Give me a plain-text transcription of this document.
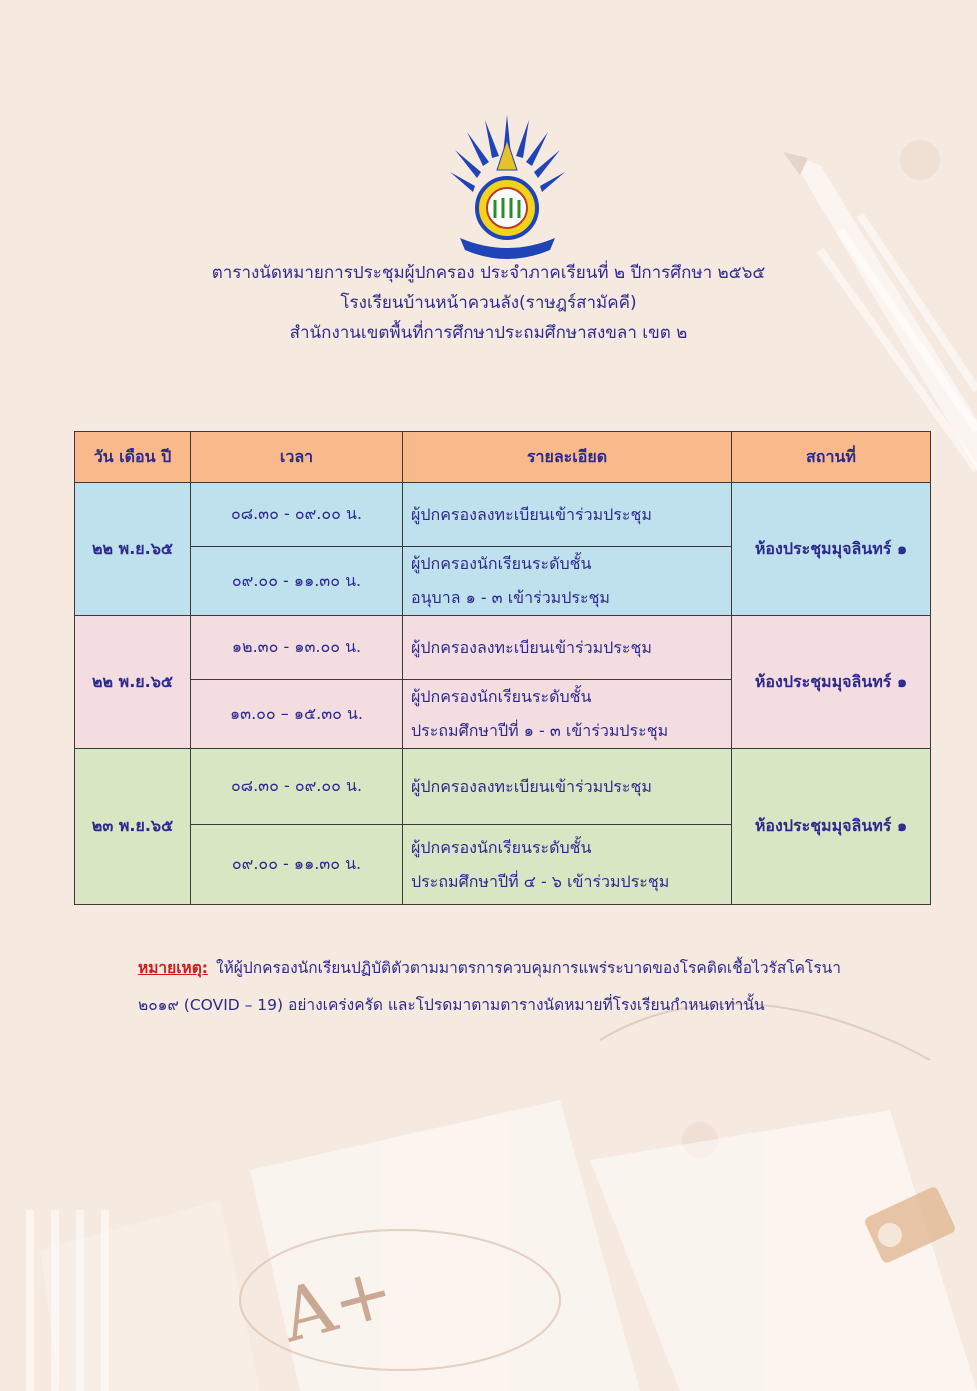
A+
ตารางนัดหมายการประชุมผู้ปกครอง ประจำภาคเรียนที่ ๒ ปีการศึกษา ๒๕๖๕
โรงเรียนบ้านหน้าควนลัง(ราษฎร์สามัคคี)
สำนักงานเขตพื้นที่การศึกษาประถมศึกษาสงขลา เขต ๒
วัน เดือน ปี	เวลา	รายละเอียด	สถานที่
๒๒ พ.ย.๖๕	๐๘.๓๐ - ๐๙.๐๐ น.	ผู้ปกครองลงทะเบียนเข้าร่วมประชุม	ห้องประชุมมุจลินทร์ ๑
	๐๙.๐๐ - ๑๑.๓๐ น.	ผู้ปกครองนักเรียนระดับชั้น
อนุบาล ๑ - ๓ เข้าร่วมประชุม	
๒๒ พ.ย.๖๕	๑๒.๓๐ - ๑๓.๐๐ น.	ผู้ปกครองลงทะเบียนเข้าร่วมประชุม	ห้องประชุมมุจลินทร์ ๑
	๑๓.๐๐ – ๑๕.๓๐ น.	ผู้ปกครองนักเรียนระดับชั้น
ประถมศึกษาปีที่ ๑ - ๓ เข้าร่วมประชุม	
๒๓ พ.ย.๖๕	๐๘.๓๐ - ๐๙.๐๐ น.	ผู้ปกครองลงทะเบียนเข้าร่วมประชุม	ห้องประชุมมุจลินทร์ ๑
	๐๙.๐๐ - ๑๑.๓๐ น.	ผู้ปกครองนักเรียนระดับชั้น
ประถมศึกษาปีที่ ๔ - ๖ เข้าร่วมประชุม	
หมายเหตุ: ให้ผู้ปกครองนักเรียนปฏิบัติตัวตามมาตรการควบคุมการแพร่ระบาดของโรคติดเชื้อไวรัสโคโรนา ๒๐๑๙ (COVID – 19) อย่างเคร่งครัด และโปรดมาตามตารางนัดหมายที่โรงเรียนกำหนดเท่านั้น
